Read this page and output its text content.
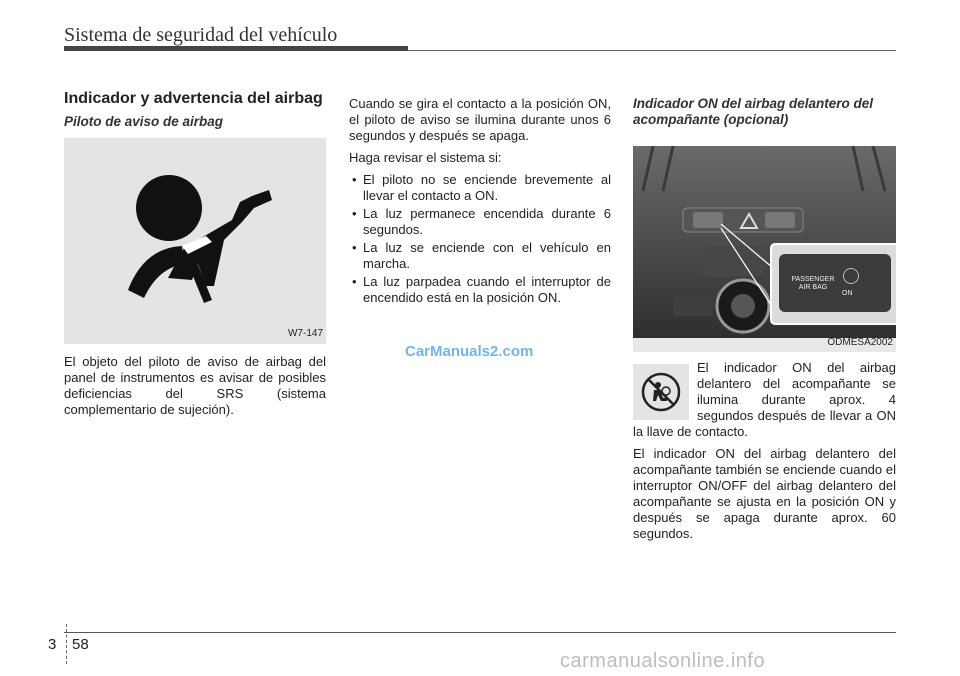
Sistema de seguridad del vehículo
Indicador y advertencia del airbag
Piloto de aviso de airbag
W7-147

El objeto del piloto de aviso de airbag del panel de instrumentos es avisar de posibles deficiencias del SRS (sistema complementario de sujeción).

Cuando se gira el contacto a la posición ON, el piloto de aviso se ilumina durante unos 6 segundos y después se apaga.

Haga revisar el sistema si:

• El piloto no se enciende brevemente al llevar el contacto a ON.
• La luz permanece encendida durante 6 segundos.
• La luz se enciende con el vehículo en marcha.
• La luz parpadea cuando el interruptor de encendido está en la posición ON.
Indicador ON del airbag delantero del acompañante (opcional)
PASSENGER
AIR BAG
ON
ODMESA2002

El indicador ON del airbag delantero del acompañante se ilumina durante aprox. 4 segundos después de llevar a ON la llave de contacto.

El indicador ON del airbag delantero del acompañante también se enciende cuando el interruptor ON/OFF del airbag delantero del acompañante se ajusta en la posición ON y después se apaga durante aprox. 60 segundos.

CarManuals2.com
3 58
carmanualsonline.info
